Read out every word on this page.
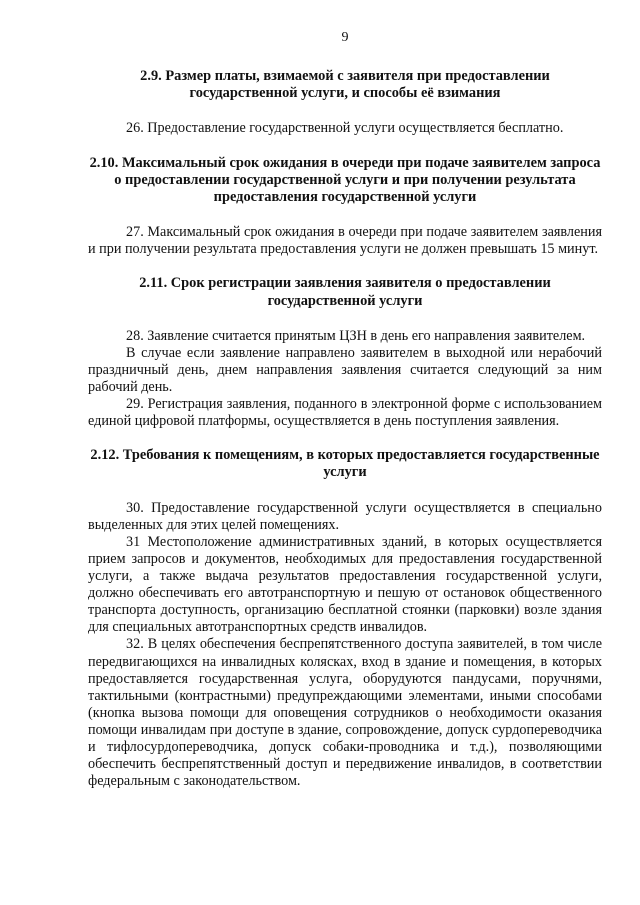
9
2.9. Размер платы, взимаемой с заявителя при предоставлении государственной услуги, и способы её взимания

26. Предоставление государственной услуги осуществляется бесплатно.

2.10. Максимальный срок ожидания в очереди при подаче заявителем запроса о предоставлении государственной услуги и при получении результата предоставления государственной услуги

27. Максимальный срок ожидания в очереди при подаче заявителем заявления и при получении результата предоставления услуги не должен превышать 15 минут.

2.11. Срок регистрации заявления заявителя о предоставлении государственной услуги

28. Заявление считается принятым ЦЗН в день его направления заявителем.

В случае если заявление направлено заявителем в выходной или нерабочий праздничный день, днем направления заявления считается следующий за ним рабочий день.

29. Регистрация заявления, поданного в электронной форме с использованием единой цифровой платформы, осуществляется в день поступления заявления.

2.12. Требования к помещениям, в которых предоставляется государственные услуги

30. Предоставление государственной услуги осуществляется в специально выделенных для этих целей помещениях.

31 Местоположение административных зданий, в которых осуществляется прием запросов и документов, необходимых для предоставления государственной услуги, а также выдача результатов предоставления государственной услуги, должно обеспечивать его автотранспортную и пешую от остановок общественного транспорта доступность, организацию бесплатной стоянки (парковки) возле здания для специальных автотранспортных средств инвалидов.

32. В целях обеспечения беспрепятственного доступа заявителей, в том числе передвигающихся на инвалидных колясках, вход в здание и помещения, в которых предоставляется государственная услуга, оборудуются пандусами, поручнями, тактильными (контрастными) предупреждающими элементами, иными способами (кнопка вызова помощи для оповещения сотрудников о необходимости оказания помощи инвалидам при доступе в здание, сопровождение, допуск сурдопереводчика и тифлосурдопереводчика, допуск собаки-проводника и т.д.), позволяющими обеспечить беспрепятственный доступ и передвижение инвалидов, в соответствии федеральным с законодательством.
